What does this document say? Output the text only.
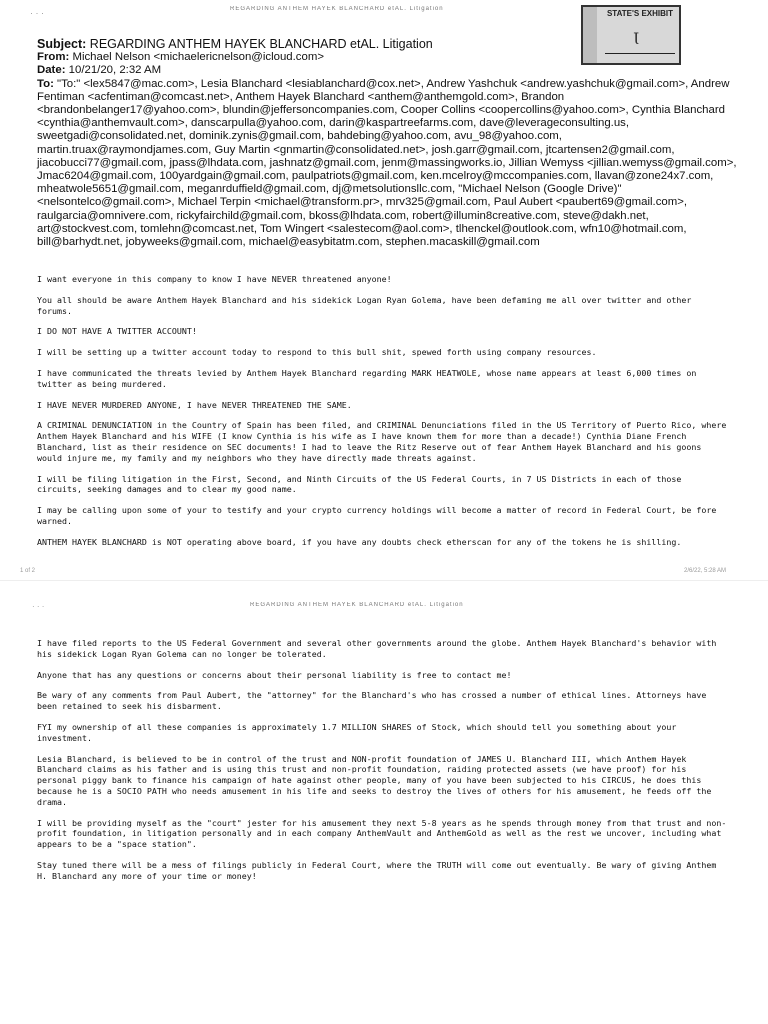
· · ·	REGARDING ANTHEM HAYEK BLANCHARD etAL. Litigation	STATE'S EXHIBIT
Ɩ
Subject: REGARDING ANTHEM HAYEK BLANCHARD etAL. Litigation
From: Michael Nelson <michaelericnelson@icloud.com>
Date: 10/21/20, 2:32 AM
To: "To:" <lex5847@mac.com>, Lesia Blanchard <lesiablanchard@cox.net>, Andrew Yashchuk <andrew.yashchuk@gmail.com>, Andrew Fentiman <acfentiman@comcast.net>, Anthem Hayek Blanchard <anthem@anthemgold.com>, Brandon <brandonbelanger17@yahoo.com>, blundin@jeffersoncompanies.com, Cooper Collins <coopercollins@yahoo.com>, Cynthia Blanchard <cynthia@anthemvault.com>, danscarpulla@yahoo.com, darin@kaspartreefarms.com, dave@leverageconsulting.us, sweetgadi@consolidated.net, dominik.zynis@gmail.com, bahdebing@yahoo.com, avu_98@yahoo.com, martin.truax@raymondjames.com, Guy Martin <gnmartin@consolidated.net>, josh.garr@gmail.com, jtcartensen2@gmail.com, jiacobucci77@gmail.com, jpass@lhdata.com, jashnatz@gmail.com, jenm@massingworks.io, Jillian Wemyss <jillian.wemyss@gmail.com>, Jmac6204@gmail.com, 100yardgain@gmail.com, paulpatriots@gmail.com, ken.mcelroy@mccompanies.com, llavan@zone24x7.com, mheatwole5651@gmail.com, meganrduffield@gmail.com, dj@metsolutionsllc.com, "Michael Nelson (Google Drive)" <nelsontelco@gmail.com>, Michael Terpin <michael@transform.pr>, mrv325@gmail.com, Paul Aubert <paubert69@gmail.com>, raulgarcia@omnivere.com, rickyfairchild@gmail.com, bkoss@lhdata.com, robert@illumin8creative.com, steve@dakh.net, art@stockvest.com, tomlehn@comcast.net, Tom Wingert <salestecom@aol.com>, tlhenckel@outlook.com, wfn10@hotmail.com, bill@barhydt.net, jobyweeks@gmail.com, michael@easybitatm.com, stephen.macaskill@gmail.com

I want everyone in this company to know I have NEVER threatened anyone!

You all should be aware Anthem Hayek Blanchard and his sidekick Logan Ryan Golema, have been defaming me all over twitter and other forums.

I DO NOT HAVE A TWITTER ACCOUNT!

I will be setting up a twitter account today to respond to this bull shit, spewed forth using company resources.

I have communicated the threats levied by Anthem Hayek Blanchard regarding MARK HEATWOLE, whose name appears at least 6,000 times on twitter as being murdered.

I HAVE NEVER MURDERED ANYONE, I have NEVER THREATENED THE SAME.

A CRIMINAL DENUNCIATION in the Country of Spain has been filed, and CRIMINAL Denunciations filed in the US Territory of Puerto Rico, where Anthem Hayek Blanchard and his WIFE (I know Cynthia is his wife as I have known them for more than a decade!) Cynthia Diane French Blanchard, list as their residence on SEC documents! I had to leave the Ritz Reserve out of fear Anthem Hayek Blanchard and his goons would injure me, my family and my neighbors who they have directly made threats against.

I will be filing litigation in the First, Second, and Ninth Circuits of the US Federal Courts, in 7 US Districts in each of those circuits, seeking damages and to clear my good name.

I may be calling upon some of your to testify and your crypto currency holdings will become a matter of record in Federal Court, be fore warned.

ANTHEM HAYEK BLANCHARD is NOT operating above board, if you have any doubts check etherscan for any of the tokens he is shilling.

1 of 2	2/6/22, 5:28 AM
· · ·	REGARDING ANTHEM HAYEK BLANCHARD etAL. Litigation

I have filed reports to the US Federal Government and several other governments around the globe. Anthem Hayek Blanchard's behavior with his sidekick Logan Ryan Golema can no longer be tolerated.

Anyone that has any questions or concerns about their personal liability is free to contact me!

Be wary of any comments from Paul Aubert, the "attorney" for the Blanchard's who has crossed a number of ethical lines. Attorneys have been retained to seek his disbarment.

FYI my ownership of all these companies is approximately 1.7 MILLION SHARES of Stock, which should tell you something about your investment.

Lesia Blanchard, is believed to be in control of the trust and NON-profit foundation of JAMES U. Blanchard III, which Anthem Hayek Blanchard claims as his father and is using this trust and non-profit foundation, raiding protected assets (we have proof) for his personal piggy bank to finance his campaign of hate against other people, many of you have been subjected to his CIRCUS, he does this because he is a SOCIO PATH who needs amusement in his life and seeks to destroy the lives of others for his amusement, he feeds off the drama.

I will be providing myself as the "court" jester for his amusement they next 5-8 years as he spends through money from that trust and non-profit foundation, in litigation personally and in each company AnthemVault and AnthemGold as well as the rest we uncover, including what appears to be a "space station".

Stay tuned there will be a mess of filings publicly in Federal Court, where the TRUTH will come out eventually. Be wary of giving Anthem H. Blanchard any more of your time or money!
